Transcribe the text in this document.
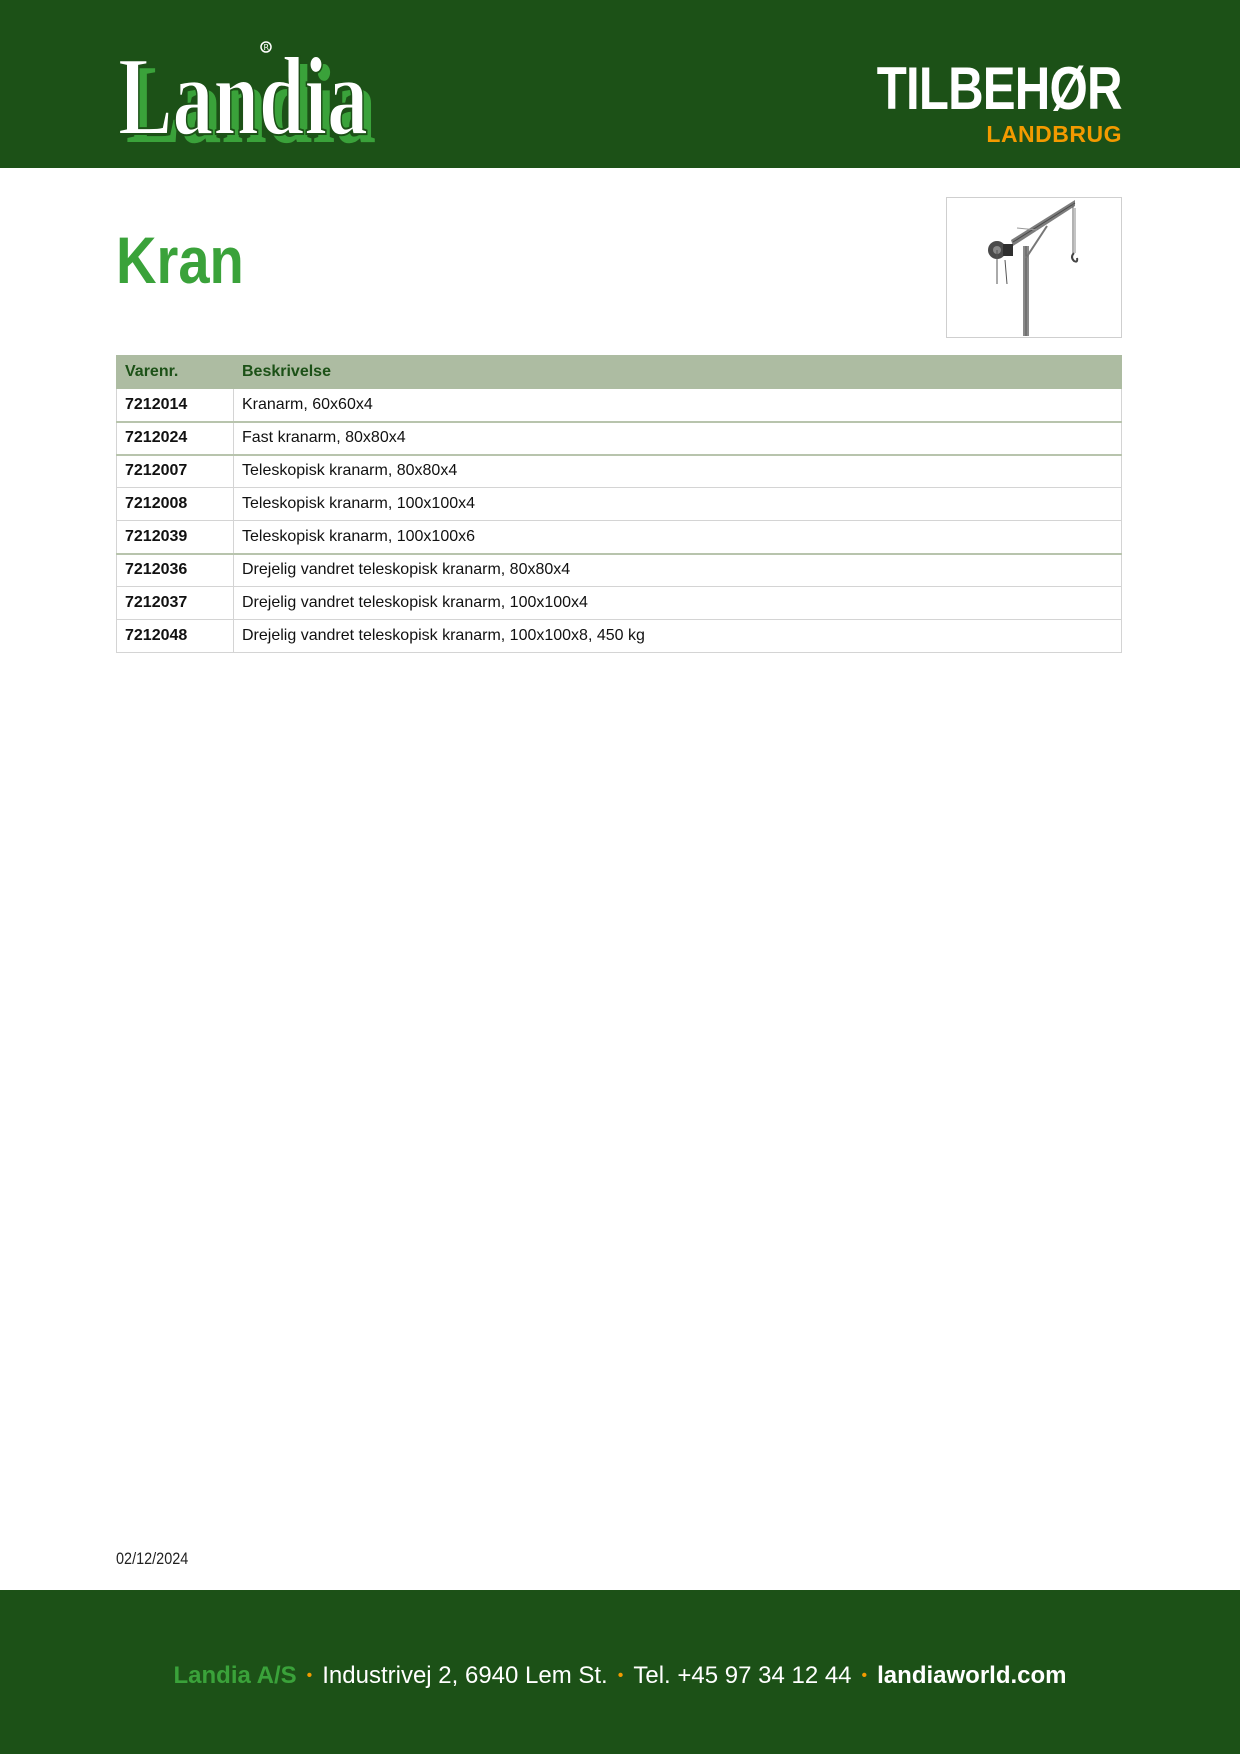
Landia
Landia
R
TILBEHØR
LANDBRUG
Kran
Varenr.	Beskrivelse
7212014	Kranarm, 60x60x4
7212024	Fast kranarm, 80x80x4
7212007	Teleskopisk kranarm, 80x80x4
7212008	Teleskopisk kranarm, 100x100x4
7212039	Teleskopisk kranarm, 100x100x6
7212036	Drejelig vandret teleskopisk kranarm, 80x80x4
7212037	Drejelig vandret teleskopisk kranarm, 100x100x4
7212048	Drejelig vandret teleskopisk kranarm, 100x100x8, 450 kg
02/12/2024
Landia A/S • Industrivej 2, 6940 Lem St. • Tel. +45 97 34 12 44 • landiaworld.com
